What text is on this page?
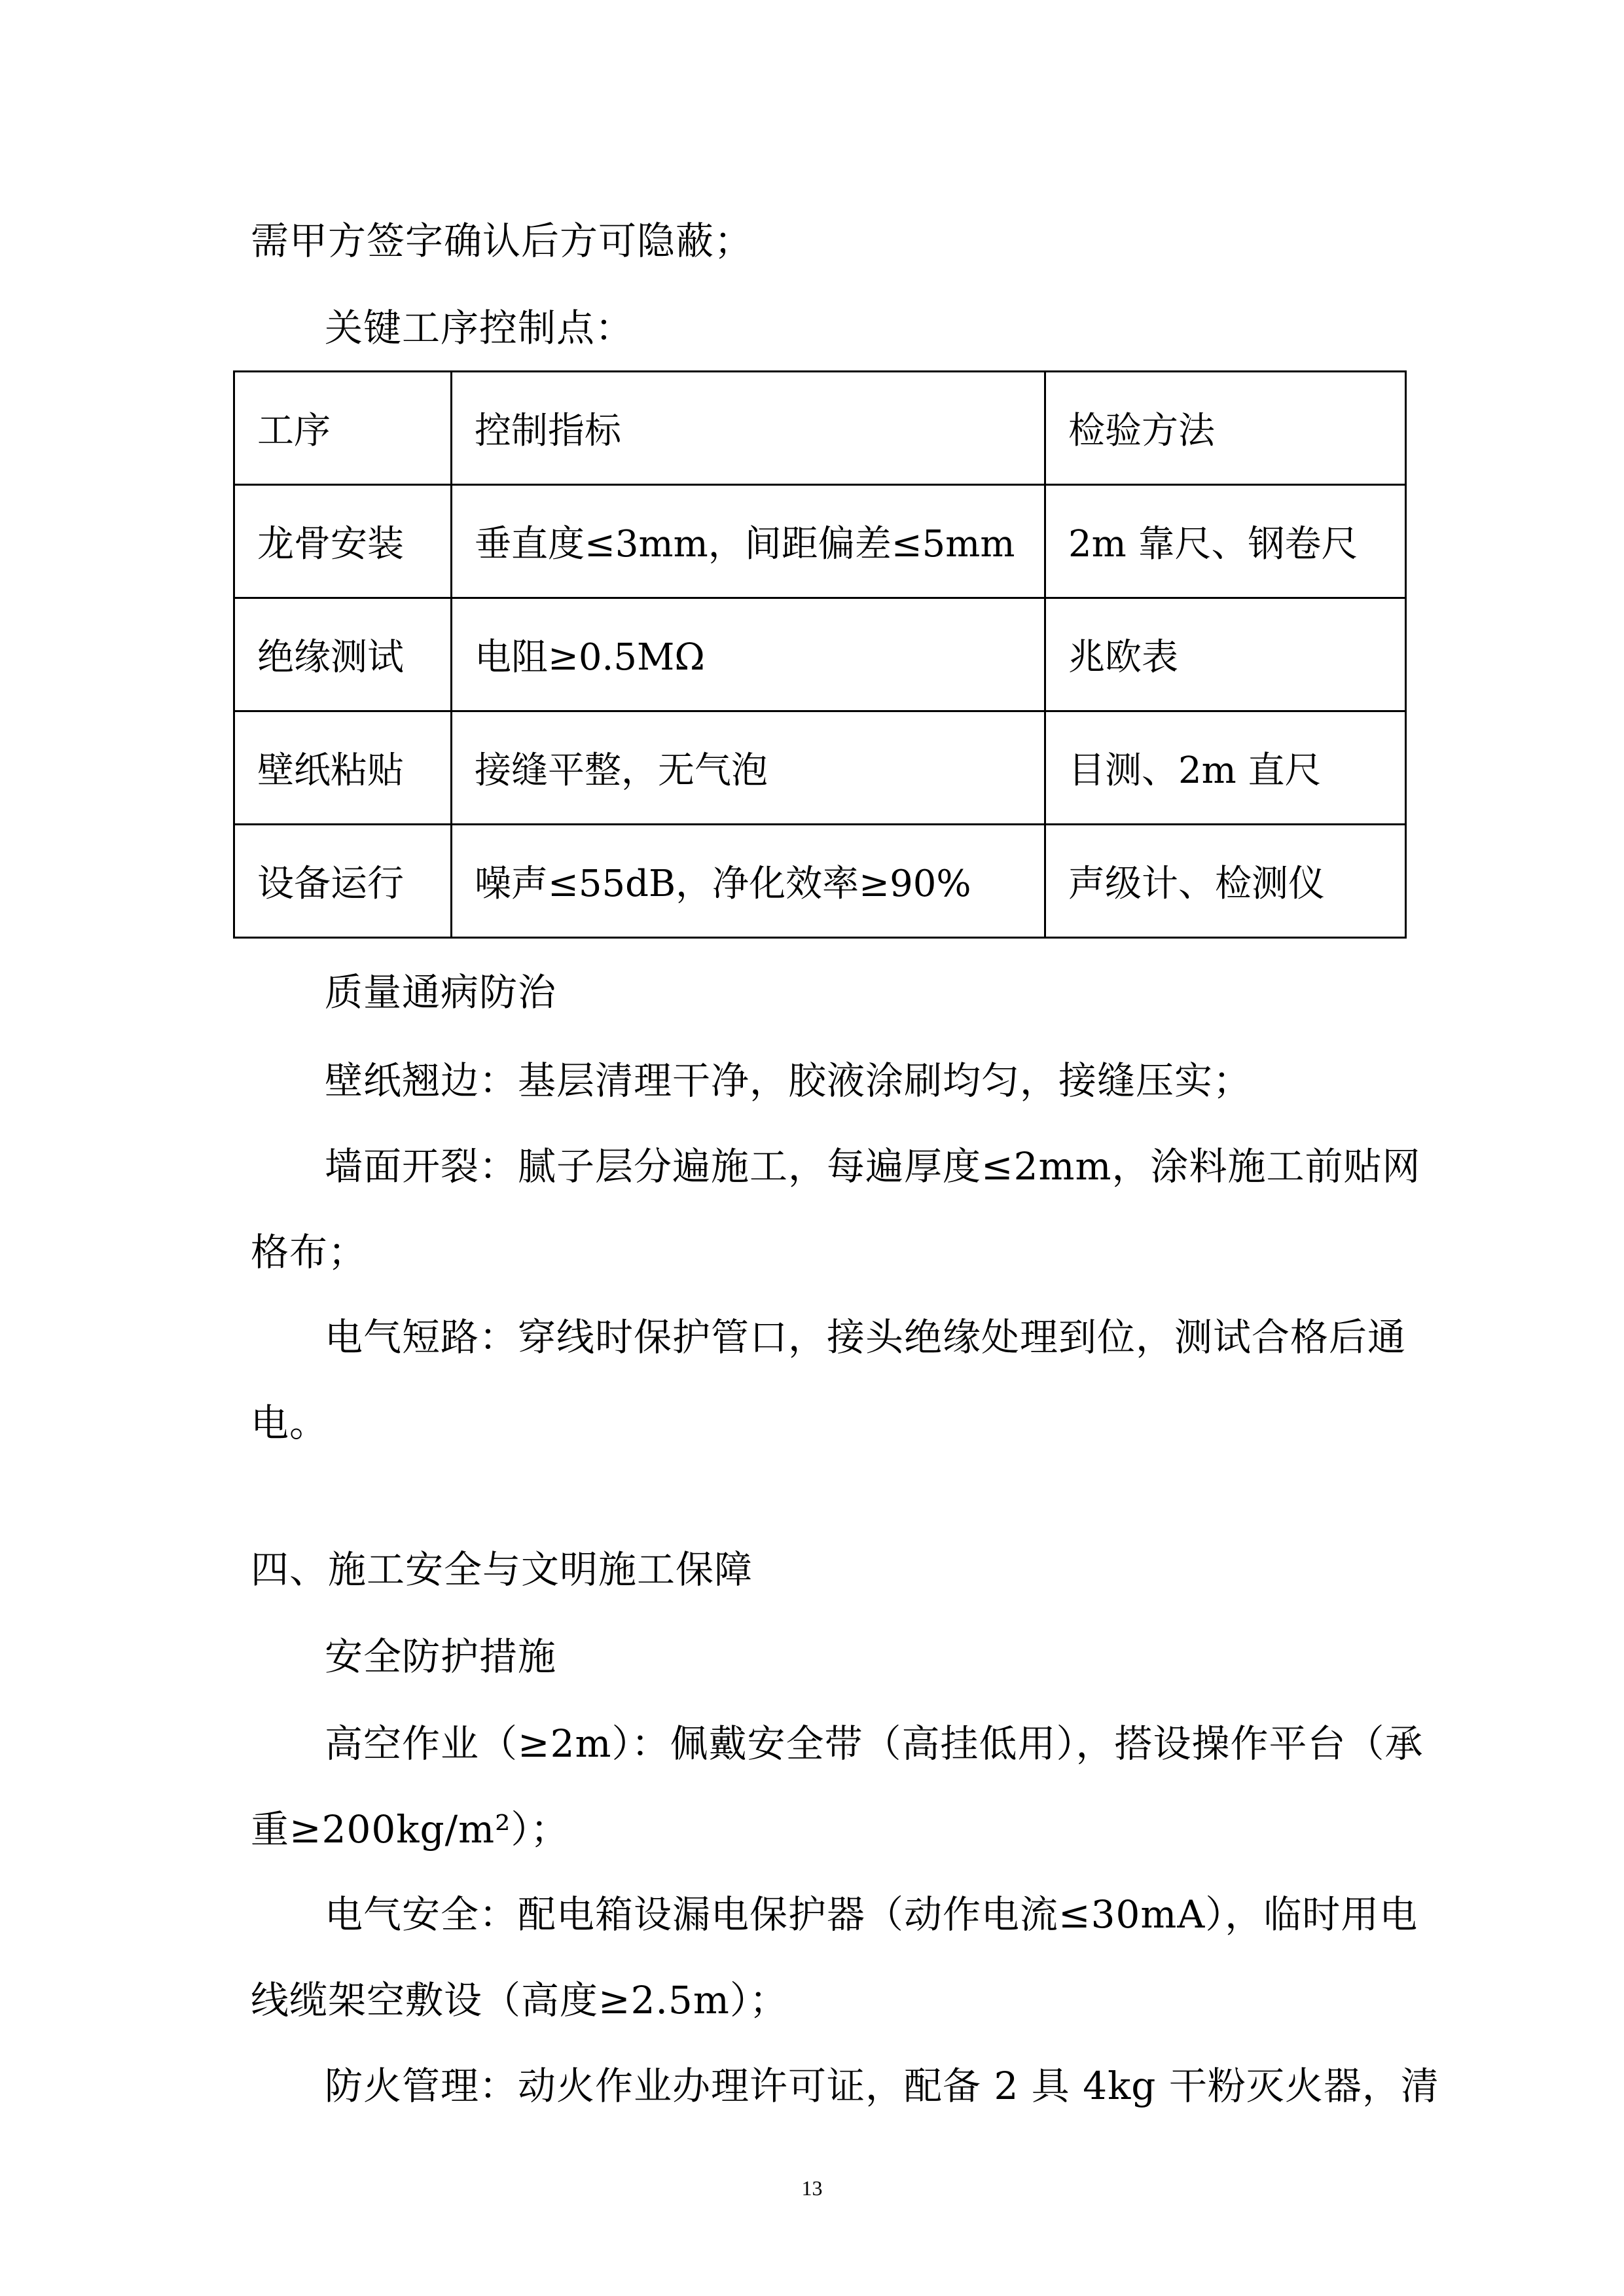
需甲方签字确认后方可隐蔽；
关键工序控制点：
工序	控制指标	检验方法
龙骨安装	垂直度≤3mm，间距偏差≤5mm	2m 靠尺、钢卷尺
绝缘测试	电阻≥0.5MΩ	兆欧表
壁纸粘贴	接缝平整，无气泡	目测、2m 直尺
设备运行	噪声≤55dB，净化效率≥90%	声级计、检测仪
质量通病防治
壁纸翘边：基层清理干净，胶液涂刷均匀，接缝压实；
墙面开裂：腻子层分遍施工，每遍厚度≤2mm，涂料施工前贴网
格布；
电气短路：穿线时保护管口，接头绝缘处理到位，测试合格后通
电。
四、施工安全与文明施工保障
安全防护措施
高空作业（≥2m）：佩戴安全带（高挂低用），搭设操作平台（承
重≥200kg/m²）；
电气安全：配电箱设漏电保护器（动作电流≤30mA），临时用电
线缆架空敷设（高度≥2.5m）；
防火管理：动火作业办理许可证，配备 2 具 4kg 干粉灭火器，清
13
